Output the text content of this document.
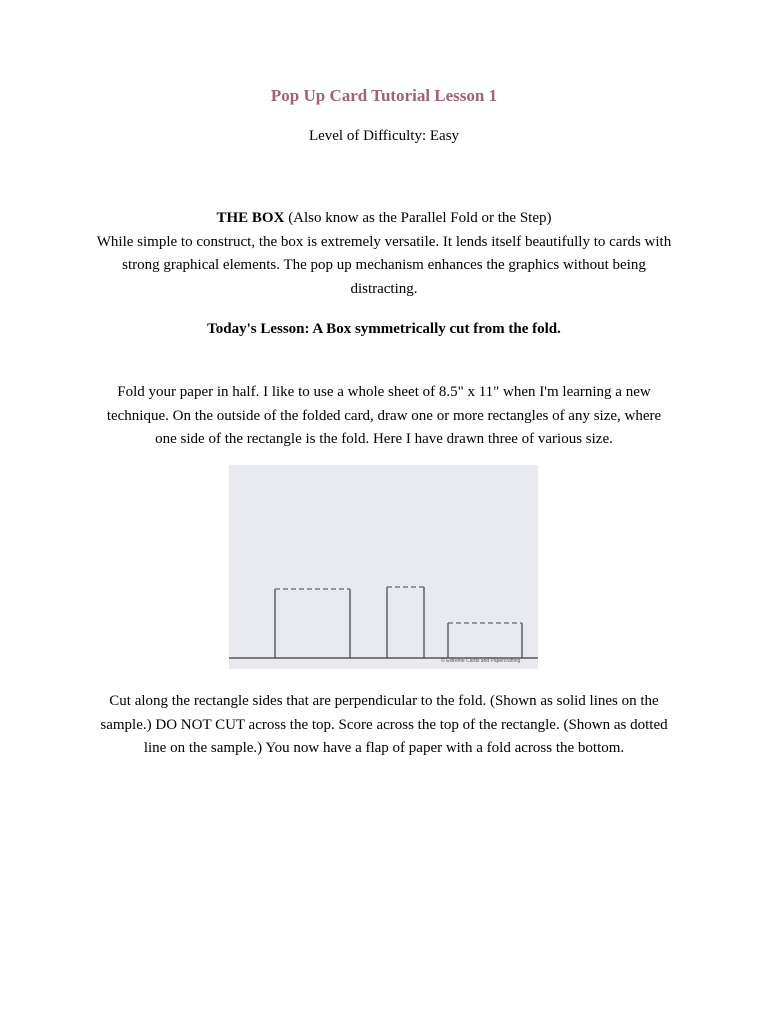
Pop Up Card Tutorial Lesson 1
Level of Difficulty: Easy
THE BOX (Also know as the Parallel Fold or the Step)
While simple to construct, the box is extremely versatile. It lends itself beautifully to cards with strong graphical elements. The pop up mechanism enhances the graphics without being distracting.
Today's Lesson: A Box symmetrically cut from the fold.
Fold your paper in half. I like to use a whole sheet of 8.5" x 11" when I'm learning a new technique. On the outside of the folded card, draw one or more rectangles of any size, where one side of the rectangle is the fold. Here I have drawn three of various size.
© Extreme Cards and Papercrafting
Cut along the rectangle sides that are perpendicular to the fold. (Shown as solid lines on the sample.) DO NOT CUT across the top. Score across the top of the rectangle. (Shown as dotted line on the sample.) You now have a flap of paper with a fold across the bottom.
